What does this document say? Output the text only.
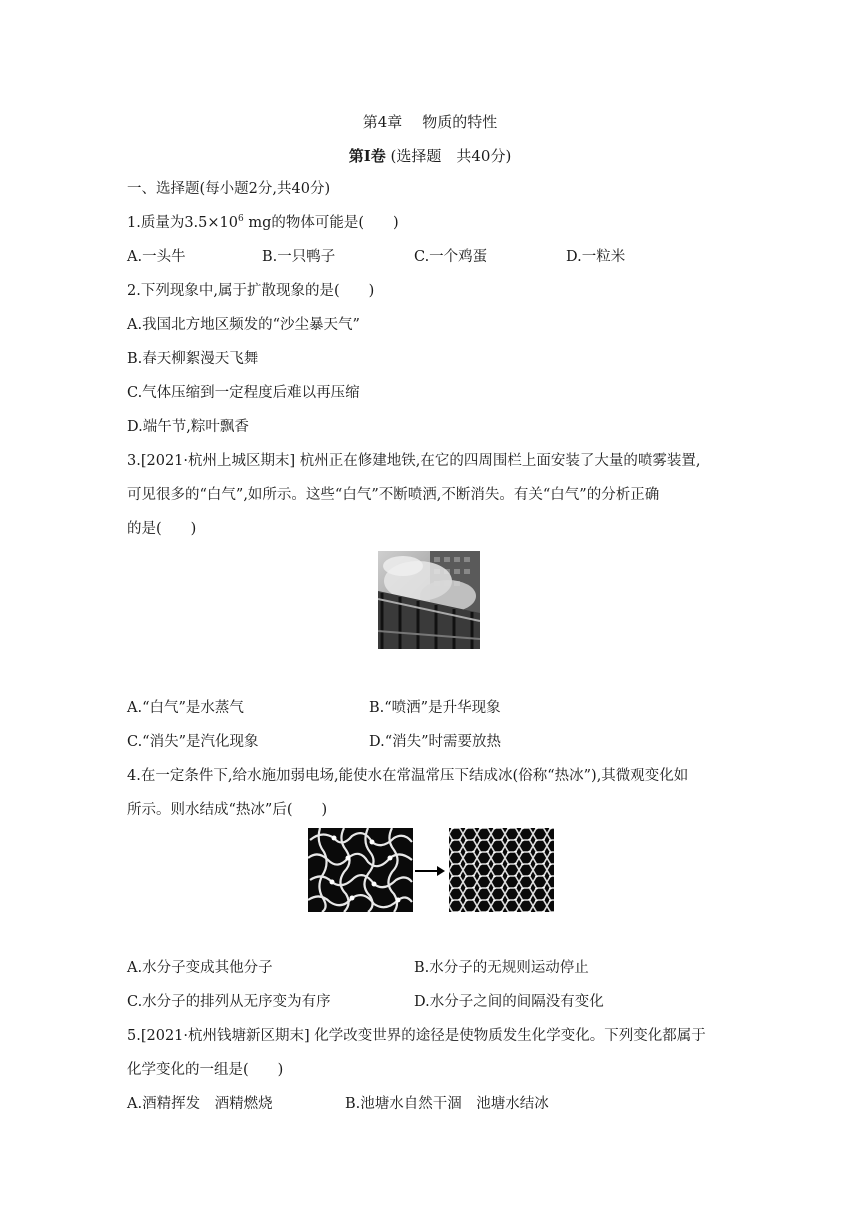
第4章 物质的特性
第Ⅰ卷 (选择题　共40分)
一、选择题(每小题2分,共40分)
1.质量为$3.5\times 10^6$ mg的物体可能是(　　)
A.一头牛	B.一只鸭子	C.一个鸡蛋	D.一粒米
2.下列现象中,属于扩散现象的是(　　)
A.我国北方地区频发的“沙尘暴天气”
B.春天柳絮漫天飞舞
C.气体压缩到一定程度后难以再压缩
D.端午节,粽叶飘香
3.[2021·杭州上城区期末] 杭州正在修建地铁,在它的四周围栏上面安装了大量的喷雾装置,
可见很多的“白气”,如所示。这些“白气”不断喷洒,不断消失。有关“白气”的分析正确
的是(　　)
A.“白气”是水蒸气	B.“喷洒”是升华现象
C.“消失”是汽化现象	D.“消失”时需要放热
4.在一定条件下,给水施加弱电场,能使水在常温常压下结成冰(俗称“热冰”),其微观变化如
所示。则水结成“热冰”后(　　)
A.水分子变成其他分子	B.水分子的无规则运动停止
C.水分子的排列从无序变为有序	D.水分子之间的间隔没有变化
5.[2021·杭州钱塘新区期末] 化学改变世界的途径是使物质发生化学变化。下列变化都属于
化学变化的一组是(　　)
A.酒精挥发　酒精燃烧	B.池塘水自然干涸　池塘水结冰
